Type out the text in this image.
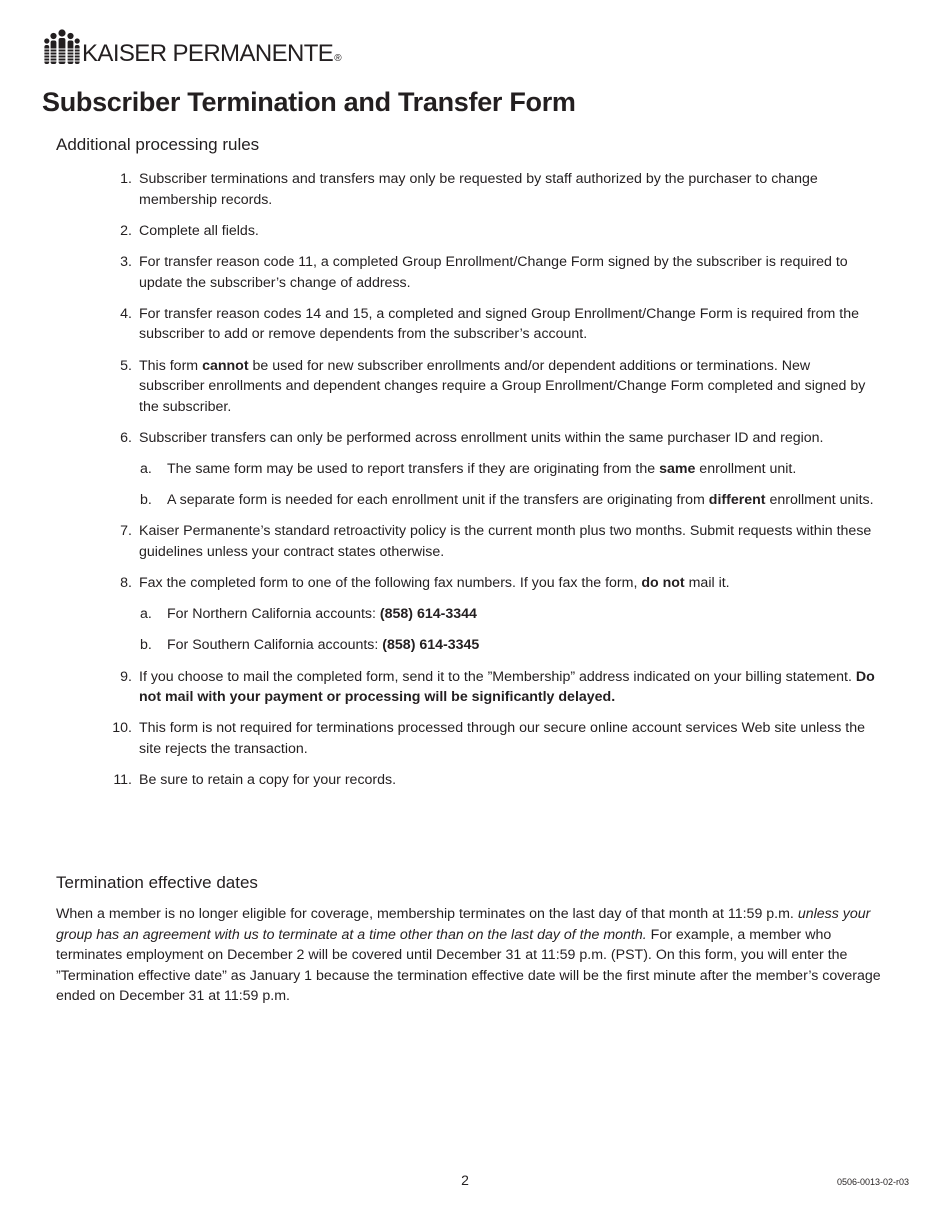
KAISER PERMANENTE®
Subscriber Termination and Transfer Form
Additional processing rules
1. Subscriber terminations and transfers may only be requested by staff authorized by the purchaser to change membership records.
2. Complete all fields.
3. For transfer reason code 11, a completed Group Enrollment/Change Form signed by the subscriber is required to update the subscriber’s change of address.
4. For transfer reason codes 14 and 15, a completed and signed Group Enrollment/Change Form is required from the subscriber to add or remove dependents from the subscriber’s account.
5. This form cannot be used for new subscriber enrollments and/or dependent additions or terminations. New subscriber enrollments and dependent changes require a Group Enrollment/Change Form completed and signed by the subscriber.
6. Subscriber transfers can only be performed across enrollment units within the same purchaser ID and region.
a. The same form may be used to report transfers if they are originating from the same enrollment unit.
b. A separate form is needed for each enrollment unit if the transfers are originating from different enrollment units.
7. Kaiser Permanente’s standard retroactivity policy is the current month plus two months. Submit requests within these guidelines unless your contract states otherwise.
8. Fax the completed form to one of the following fax numbers. If you fax the form, do not mail it.
a. For Northern California accounts: (858) 614-3344
b. For Southern California accounts: (858) 614-3345
9. If you choose to mail the completed form, send it to the ”Membership” address indicated on your billing statement. Do not mail with your payment or processing will be significantly delayed.
10. This form is not required for terminations processed through our secure online account services Web site unless the site rejects the transaction.
11. Be sure to retain a copy for your records.
Termination effective dates

When a member is no longer eligible for coverage, membership terminates on the last day of that month at 11:59 p.m. unless your group has an agreement with us to terminate at a time other than on the last day of the month. For example, a member who terminates employment on December 2 will be covered until December 31 at 11:59 p.m. (PST). On this form, you will enter the ”Termination effective date” as January 1 because the termination effective date will be the first minute after the member’s coverage ended on December 31 at 11:59 p.m.

2	0506-0013-02-r03
